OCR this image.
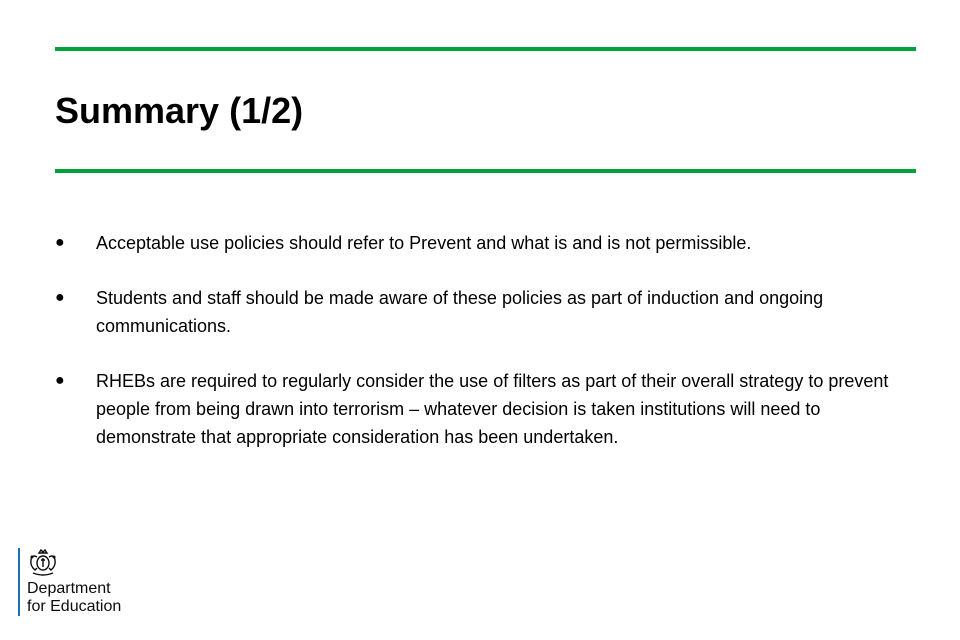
Summary (1/2)
●	Acceptable use policies should refer to Prevent and what is and is not permissible.
●	Students and staff should be made aware of these policies as part of induction and ongoing communications.
●	RHEBs are required to regularly consider the use of filters as part of their overall strategy to prevent people from being drawn into terrorism – whatever decision is taken institutions will need to demonstrate that appropriate consideration has been undertaken.
Department
for Education
